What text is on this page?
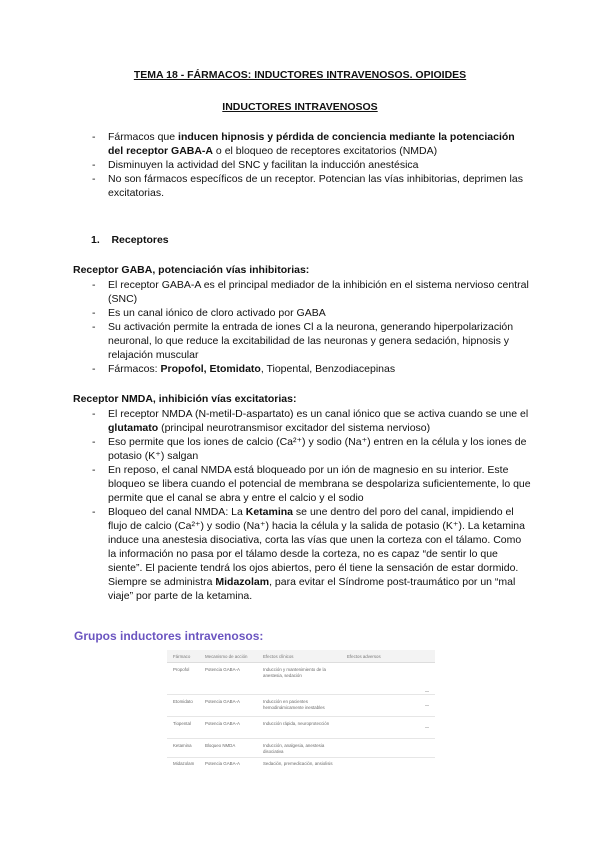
TEMA 18 - FÁRMACOS: INDUCTORES INTRAVENOSOS. OPIOIDES
INDUCTORES INTRAVENOSOS
- Fármacos que inducen hipnosis y pérdida de conciencia mediante la potenciación del receptor GABA-A o el bloqueo de receptores excitatorios (NMDA)
- Disminuyen la actividad del SNC y facilitan la inducción anestésica
- No son fármacos específicos de un receptor. Potencian las vías inhibitorias, deprimen las excitatorias.
1. Receptores
Receptor GABA, potenciación vías inhibitorias:
- El receptor GABA-A es el principal mediador de la inhibición en el sistema nervioso central (SNC)
- Es un canal iónico de cloro activado por GABA
- Su activación permite la entrada de iones Cl a la neurona, generando hiperpolarización neuronal, lo que reduce la excitabilidad de las neuronas y genera sedación, hipnosis y relajación muscular
- Fármacos: Propofol, Etomidato, Tiopental, Benzodiacepinas
Receptor NMDA, inhibición vías excitatorias:
- El receptor NMDA (N-metil-D-aspartato) es un canal iónico que se activa cuando se une el glutamato (principal neurotransmisor excitador del sistema nervioso)
- Eso permite que los iones de calcio (Ca²⁺) y sodio (Na⁺) entren en la célula y los iones de potasio (K⁺) salgan
- En reposo, el canal NMDA está bloqueado por un ión de magnesio en su interior. Este bloqueo se libera cuando el potencial de membrana se despolariza suficientemente, lo que permite que el canal se abra y entre el calcio y el sodio
- Bloqueo del canal NMDA: La Ketamina se une dentro del poro del canal, impidiendo el flujo de calcio (Ca²⁺) y sodio (Na⁺) hacia la célula y la salida de potasio (K⁺). La ketamina induce una anestesia disociativa, corta las vías que unen la corteza con el tálamo. Como la información no pasa por el tálamo desde la corteza, no es capaz “de sentir lo que siente”. El paciente tendrá los ojos abiertos, pero él tiene la sensación de estar dormido. Siempre se administra Midazolam, para evitar el Síndrome post-traumático por un “mal viaje” por parte de la ketamina.
Grupos inductores intravenosos:
Fármaco	Mecanismo de acción	Efectos clínicos	Efectos adversos
Propofol	Potencia GABA-A	Inducción y mantenimiento de la anestesia, sedación
Etomidato	Potencia GABA-A	Inducción en pacientes hemodinámicamente inestables
Tiopental	Potencia GABA-A	Inducción rápida, neuroprotección
Ketamina	Bloqueo NMDA	Inducción, analgesia, anestesia disociativa
Midazolam Potencia GABA-A	Sedación, premedicación, ansiolisis
